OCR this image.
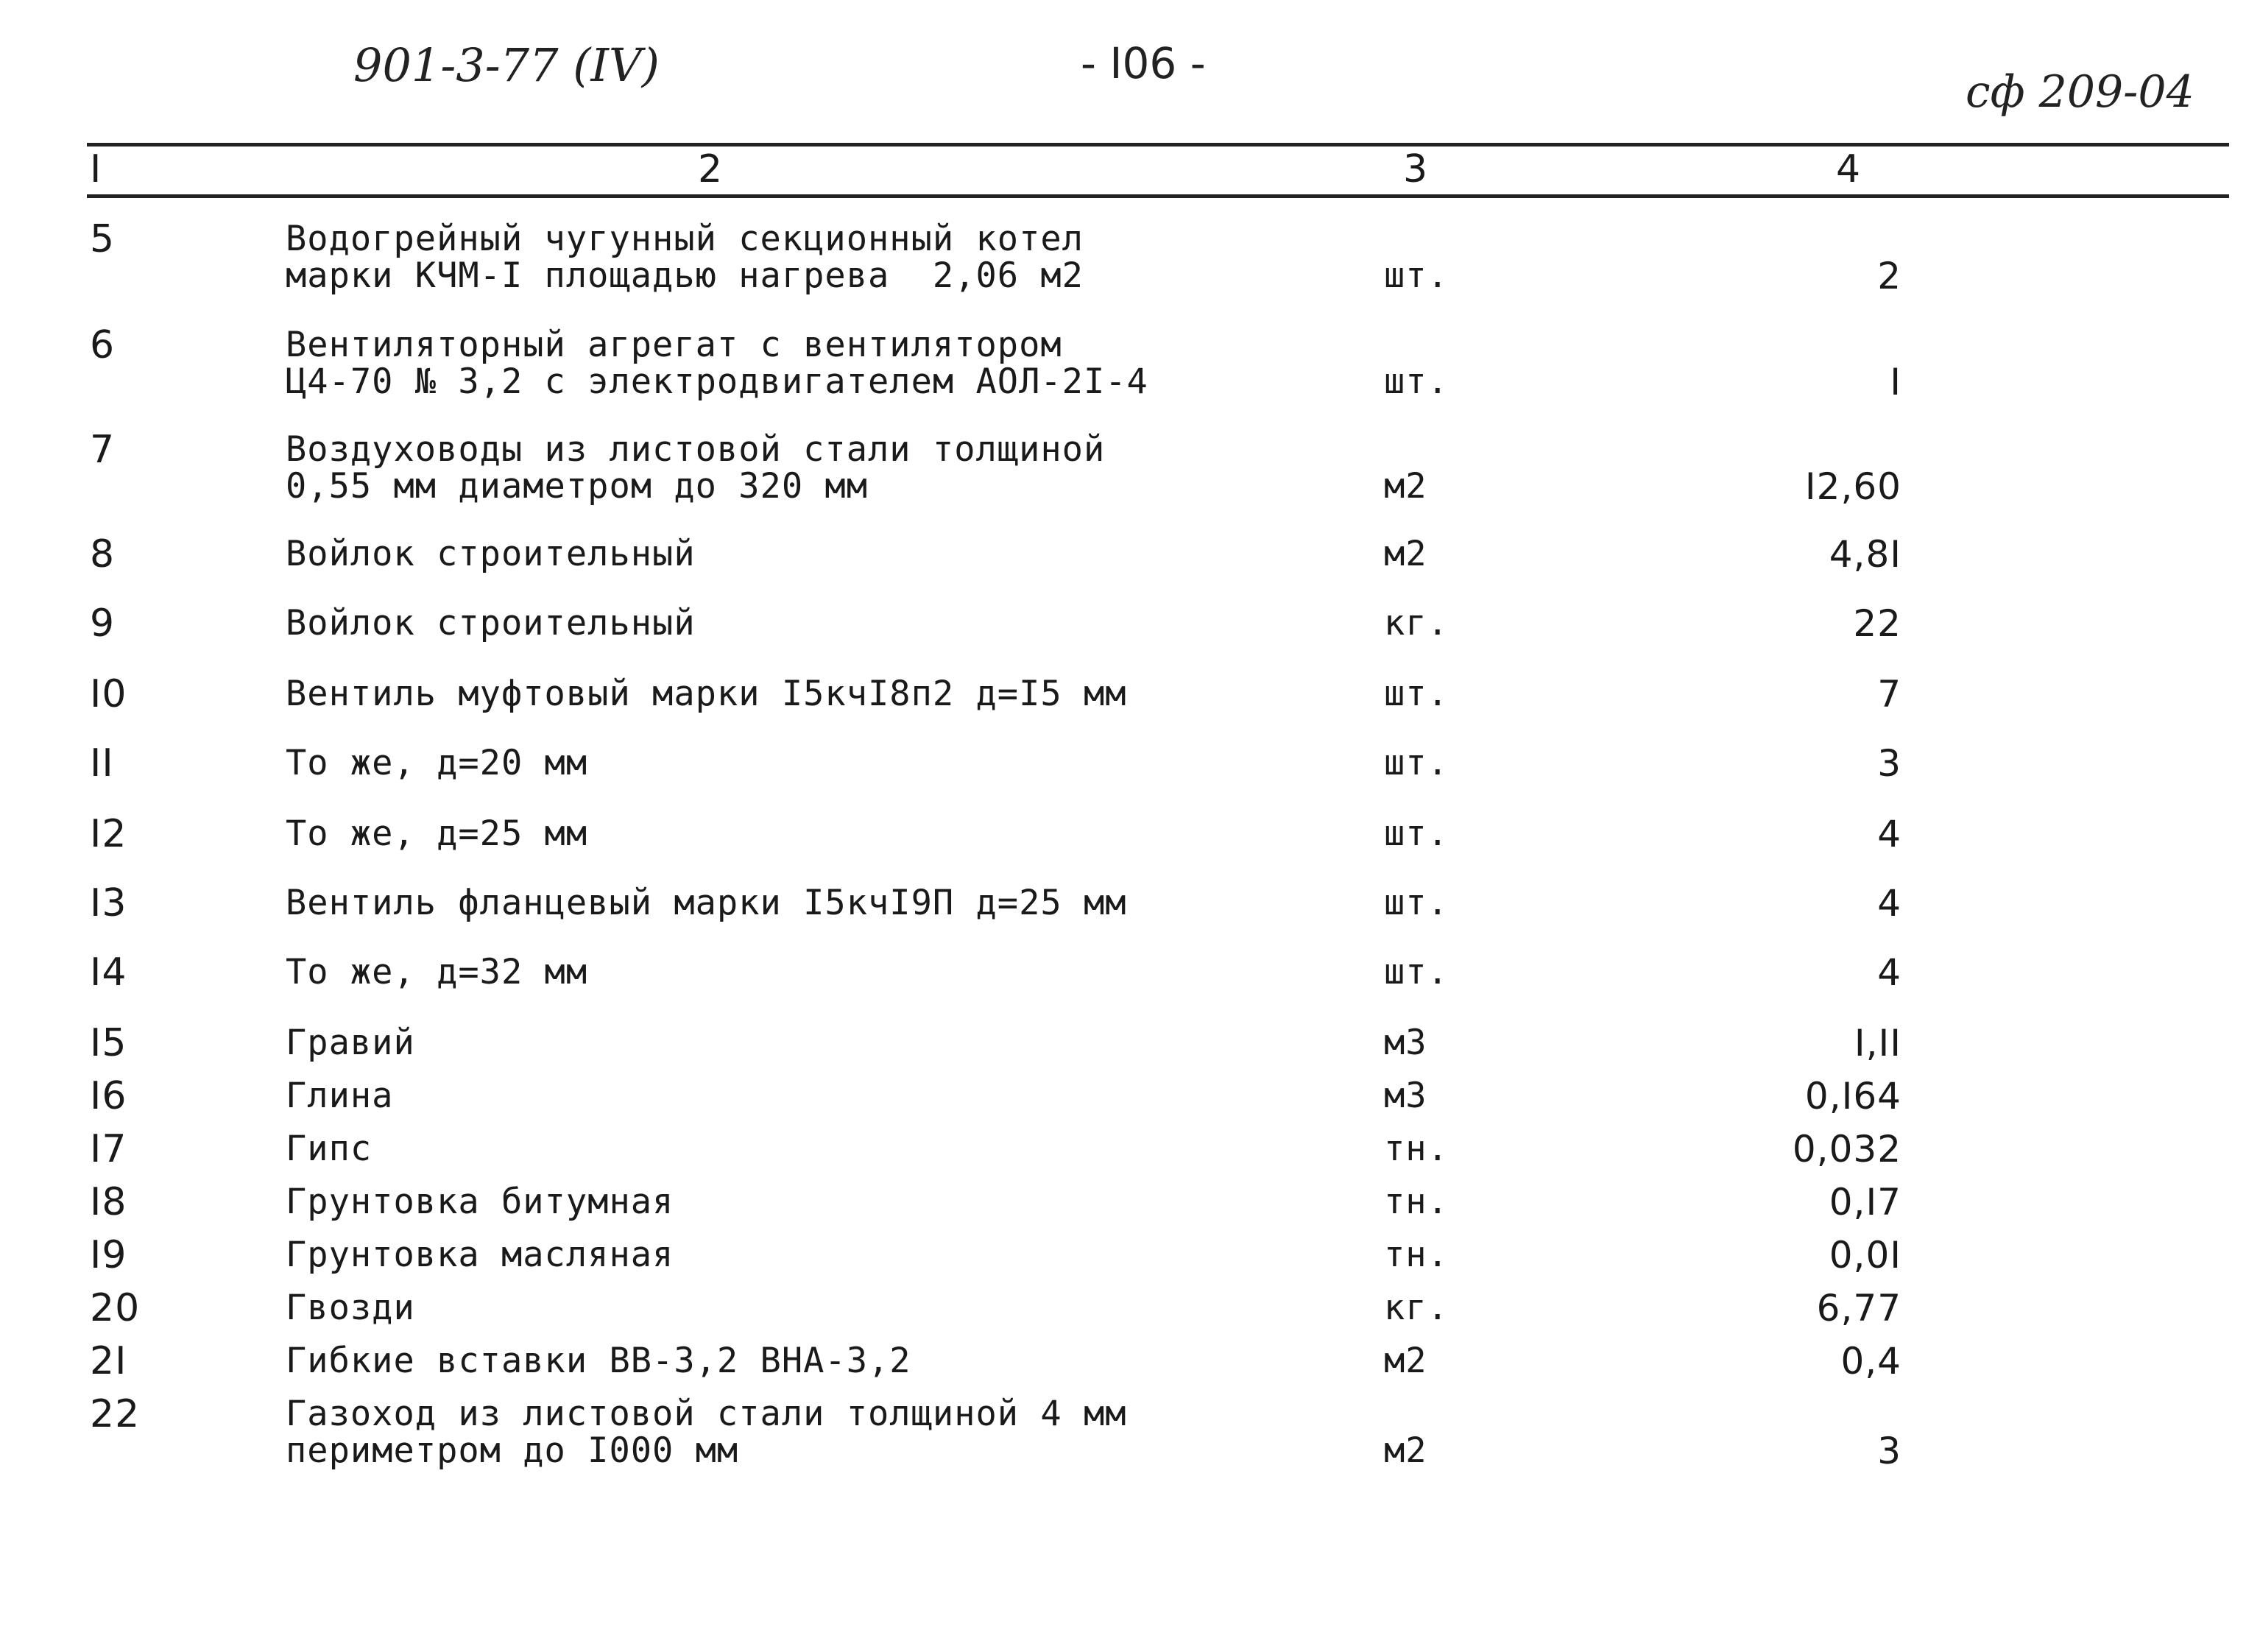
901-3-77 (IV)	- I06 -
сф 209-04
I	2	3	4
5	Водогрейный чугунный секционный котел
марки КЧМ-I площадью нагрева  2,06 м2	шт.	2
6	Вентиляторный агрегат с вентилятором
Ц4-70 № 3,2 с электродвигателем АОЛ-2I-4	шт.	I
7	Воздуховоды из листовой стали толщиной
0,55 мм диаметром до 320 мм	м2	I2,60
8	Войлок строительный	м2	4,8I
9	Войлок строительный	кг.	22
I0	Вентиль муфтовый марки I5кчI8п2 д=I5 мм	шт.	7
II	То же, д=20 мм	шт.	3
I2	То же, д=25 мм	шт.	4
I3	Вентиль фланцевый марки I5кчI9П д=25 мм	шт.	4
I4	То же, д=32 мм	шт.	4
I5	Гравий	м3	I,II
I6	Глина	м3	0,I64
I7	Гипс	тн.	0,032
I8	Грунтовка битумная	тн.	0,I7
I9	Грунтовка масляная	тн.	0,0I
20	Гвозди	кг.	6,77
2I	Гибкие вставки ВВ-3,2 ВНА-3,2	м2	0,4
22	Газоход из листовой стали толщиной 4 мм
периметром до I000 мм	м2	3
